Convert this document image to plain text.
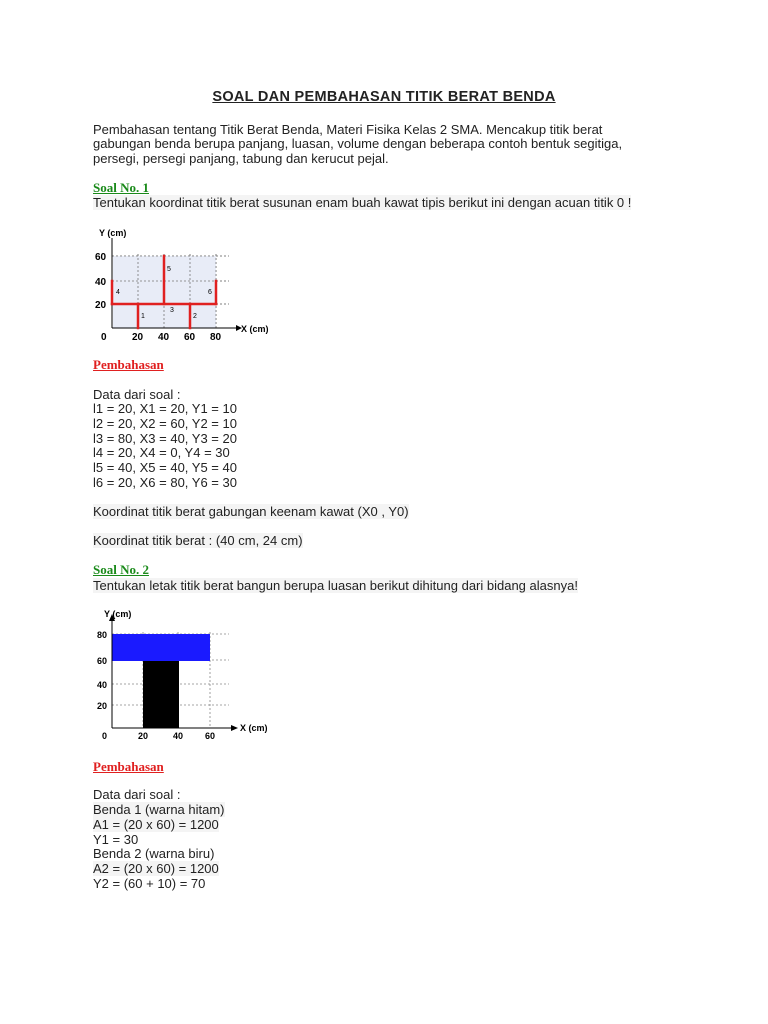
SOAL DAN PEMBAHASAN TITIK BERAT BENDA
Pembahasan tentang Titik Berat Benda, Materi Fisika Kelas 2 SMA. Mencakup titik berat
gabungan benda berupa panjang, luasan, volume dengan beberapa contoh bentuk segitiga,
persegi, persegi panjang, tabung dan kerucut pejal.
Soal No. 1
Tentukan koordinat titik berat susunan enam buah kawat tipis berikut ini dengan acuan titik 0 !
Y (cm)
60
40
20
0	20 40 60 80
X (cm)
1	2
3
4
5
6
Pembahasan
Data dari soal :
l1 = 20, X1 = 20, Y1 = 10
l2 = 20, X2 = 60, Y2 = 10
l3 = 80, X3 = 40, Y3 = 20
l4 = 20, X4 = 0, Y4 = 30
l5 = 40, X5 = 40, Y5 = 40
l6 = 20, X6 = 80, Y6 = 30
Koordinat titik berat gabungan keenam kawat (X0 , Y0)
Koordinat titik berat : (40 cm, 24 cm)
Soal No. 2
Tentukan letak titik berat bangun berupa luasan berikut dihitung dari bidang alasnya!
Y (cm)
80
60
40
20
0	20	40 60
X (cm)
Pembahasan
Data dari soal :
Benda 1 (warna hitam)
A1 = (20 x 60) = 1200
Y1 = 30
Benda 2 (warna biru)
A2 = (20 x 60) = 1200
Y2 = (60 + 10) = 70
